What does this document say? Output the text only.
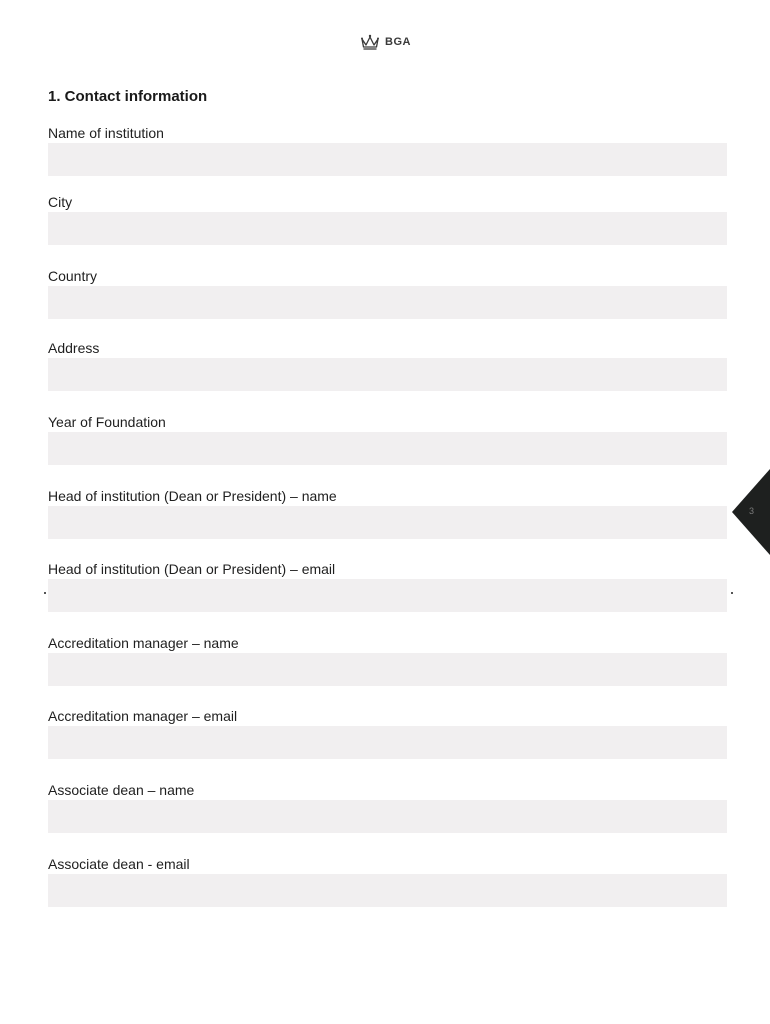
BGA
1. Contact information
Name of institution
City
Country
Address
Year of Foundation
Head of institution (Dean or President) – name
Head of institution (Dean or President) – email
Accreditation manager – name
Accreditation manager – email
Associate dean – name
Associate dean - email
3
